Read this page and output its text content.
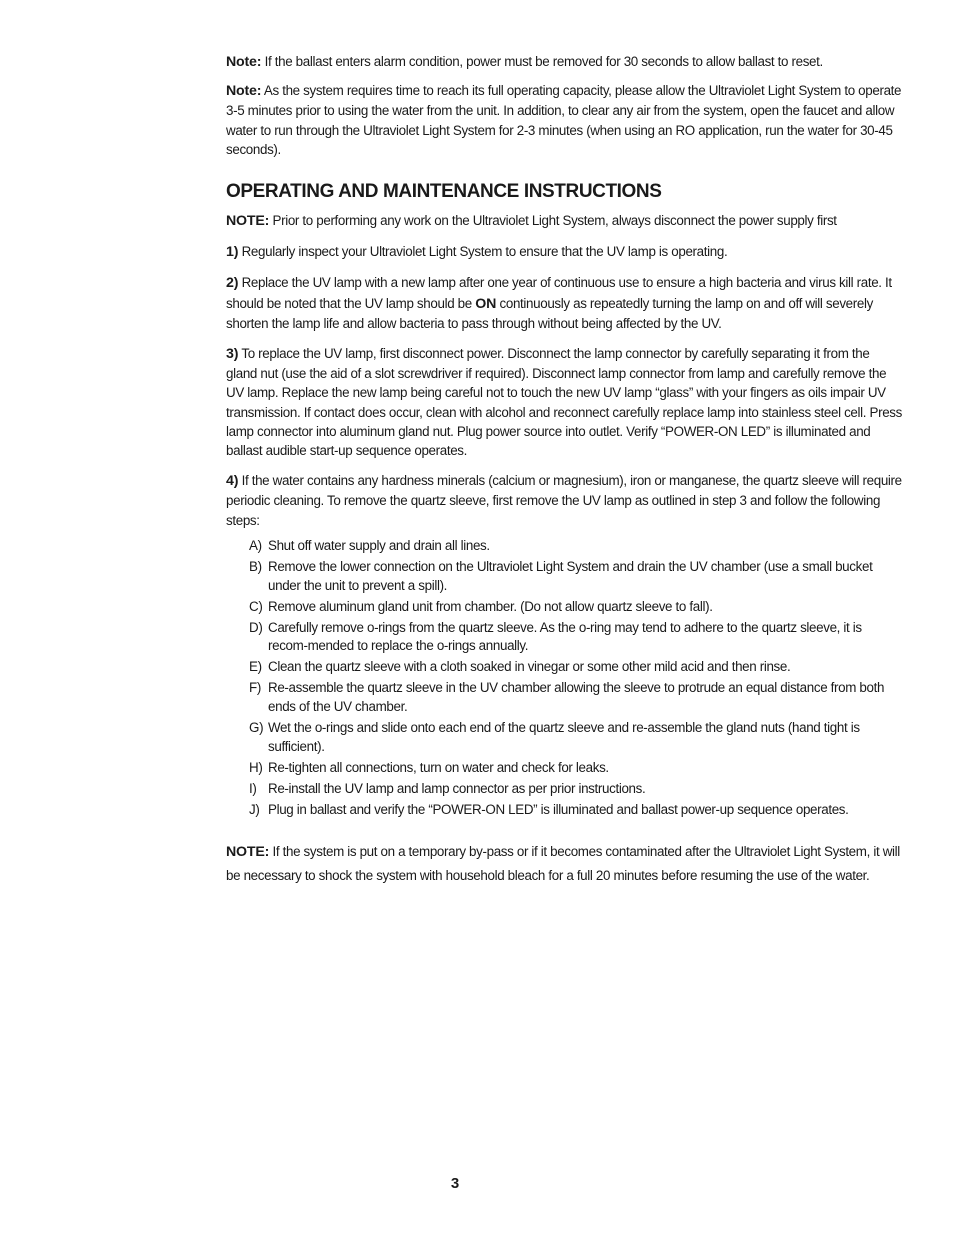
Note: If the ballast enters alarm condition, power must be removed for 30 seconds to allow ballast to reset.

Note: As the system requires time to reach its full operating capacity, please allow the Ultraviolet Light System to operate 3-5 minutes prior to using the water from the unit. In addition, to clear any air from the system, open the faucet and allow water to run through the Ultraviolet Light System for 2-3 minutes (when using an RO application, run the water for 30-45 seconds).

OPERATING AND MAINTENANCE INSTRUCTIONS

NOTE: Prior to performing any work on the Ultraviolet Light System, always disconnect the power supply first

1) Regularly inspect your Ultraviolet Light System to ensure that the UV lamp is operating.

2) Replace the UV lamp with a new lamp after one year of continuous use to ensure a high bacteria and virus kill rate. It should be noted that the UV lamp should be ON continuously as repeatedly turning the lamp on and off will severely shorten the lamp life and allow bacteria to pass through without being affected by the UV.

3) To replace the UV lamp, first disconnect power. Disconnect the lamp connector by carefully separating it from the gland nut (use the aid of a slot screwdriver if required). Disconnect lamp connector from lamp and carefully remove the UV lamp. Replace the new lamp being careful not to touch the new UV lamp “glass” with your fingers as oils impair UV transmission. If contact does occur, clean with alcohol and reconnect carefully replace lamp into stainless steel cell. Press lamp connector into aluminum gland nut. Plug power source into outlet. Verify “POWER-ON LED” is illuminated and ballast audible start-up sequence operates.

4) If the water contains any hardness minerals (calcium or magnesium), iron or manganese, the quartz sleeve will require periodic cleaning. To remove the quartz sleeve, first remove the UV lamp as outlined in step 3 and follow the following steps:

A) Shut off water supply and drain all lines.
B) Remove the lower connection on the Ultraviolet Light System and drain the UV chamber (use a small bucket under the unit to prevent a spill).
C) Remove aluminum gland unit from chamber. (Do not allow quartz sleeve to fall).
D) Carefully remove o-rings from the quartz sleeve. As the o-ring may tend to adhere to the quartz sleeve, it is recom-mended to replace the o-rings annually.
E) Clean the quartz sleeve with a cloth soaked in vinegar or some other mild acid and then rinse.
F) Re-assemble the quartz sleeve in the UV chamber allowing the sleeve to protrude an equal distance from both ends of the UV chamber.
G) Wet the o-rings and slide onto each end of the quartz sleeve and re-assemble the gland nuts (hand tight is sufficient).
H) Re-tighten all connections, turn on water and check for leaks.
I) Re-install the UV lamp and lamp connector as per prior instructions.
J) Plug in ballast and verify the “POWER-ON LED” is illuminated and ballast power-up sequence operates.

NOTE: If the system is put on a temporary by-pass or if it becomes contaminated after the Ultraviolet Light System, it will be necessary to shock the system with household bleach for a full 20 minutes before resuming the use of the water.

3
